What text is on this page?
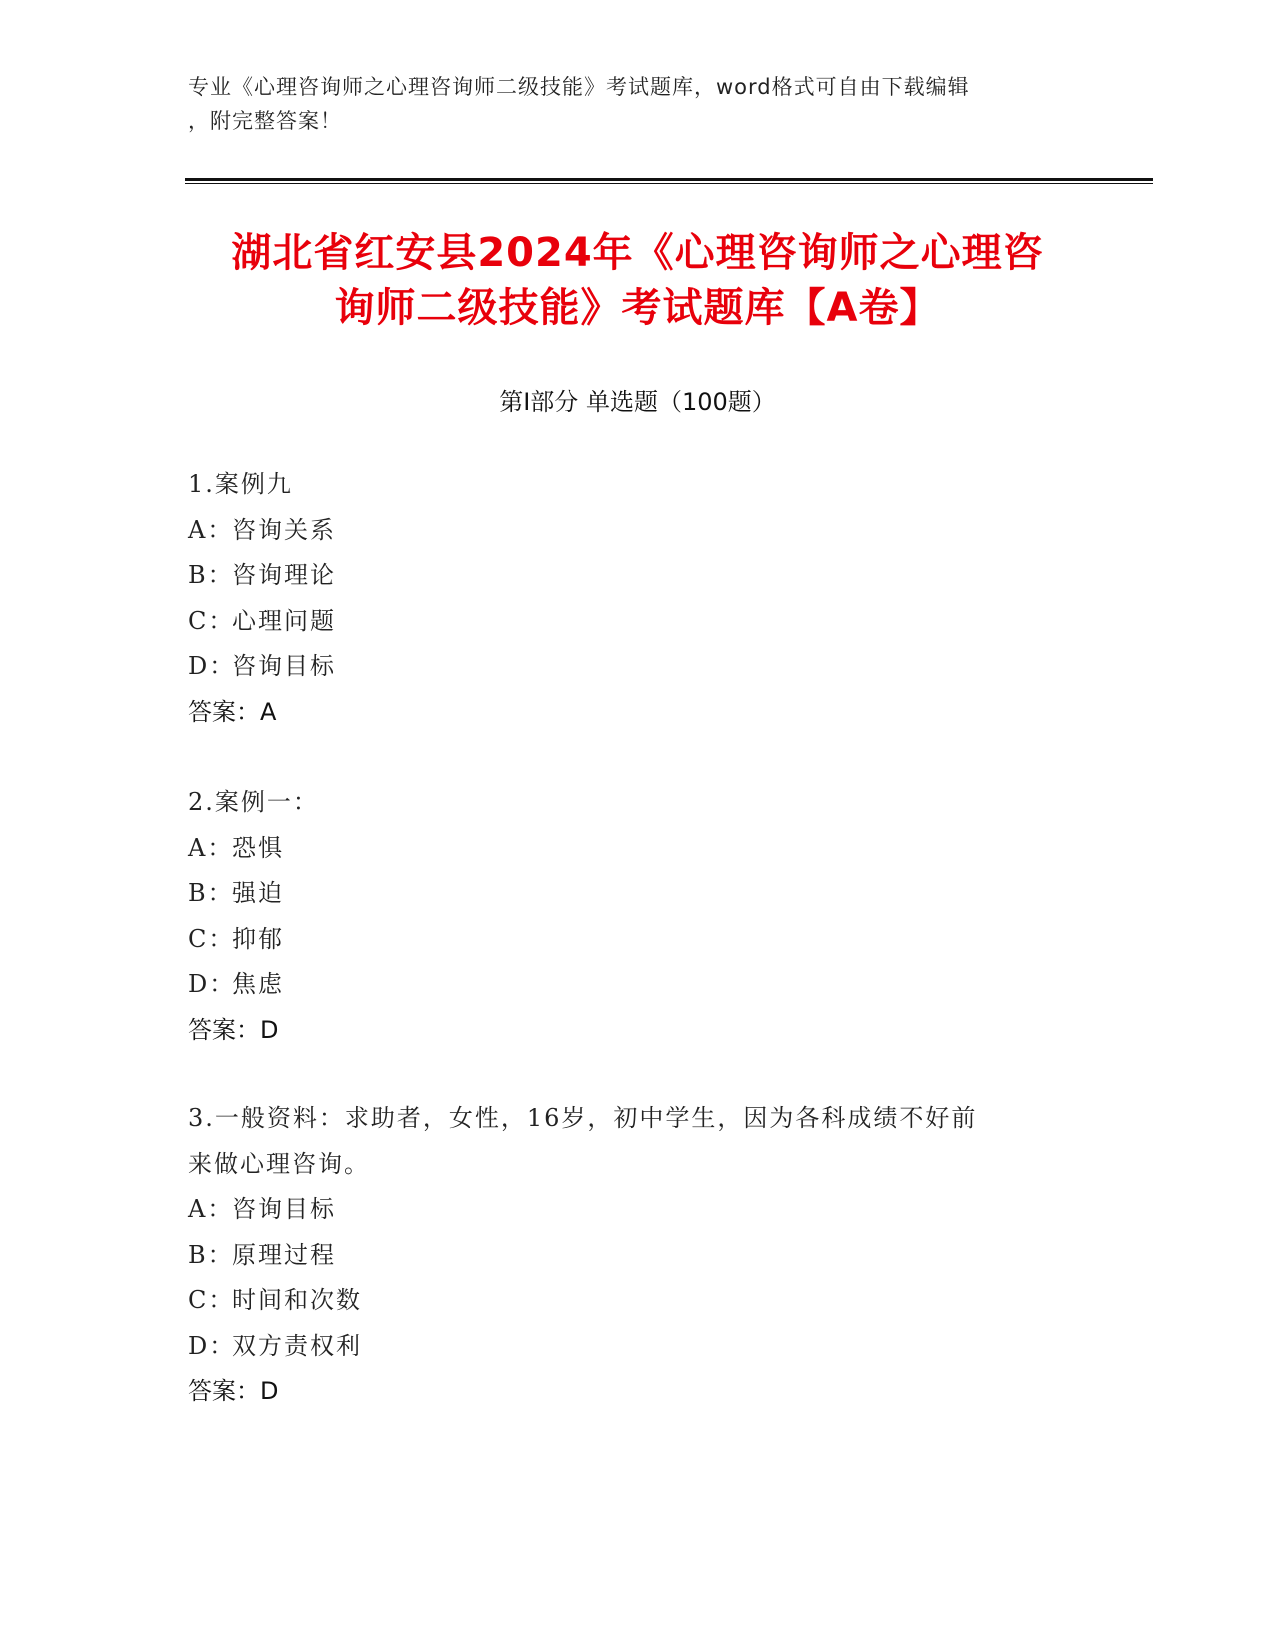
专业《心理咨询师之心理咨询师二级技能》考试题库，word格式可自由下载编辑
，附完整答案！
湖北省红安县2024年《心理咨询师之心理咨
询师二级技能》考试题库【A卷】
第Ⅰ部分 单选题（100题）
1.案例九
A：咨询关系
B：咨询理论
C：心理问题
D：咨询目标
答案：A
2.案例一：
A：恐惧
B：强迫
C：抑郁
D：焦虑
答案：D
3.一般资料：求助者，女性，16岁，初中学生，因为各科成绩不好前
来做心理咨询。
A：咨询目标
B：原理过程
C：时间和次数
D：双方责权利
答案：D
